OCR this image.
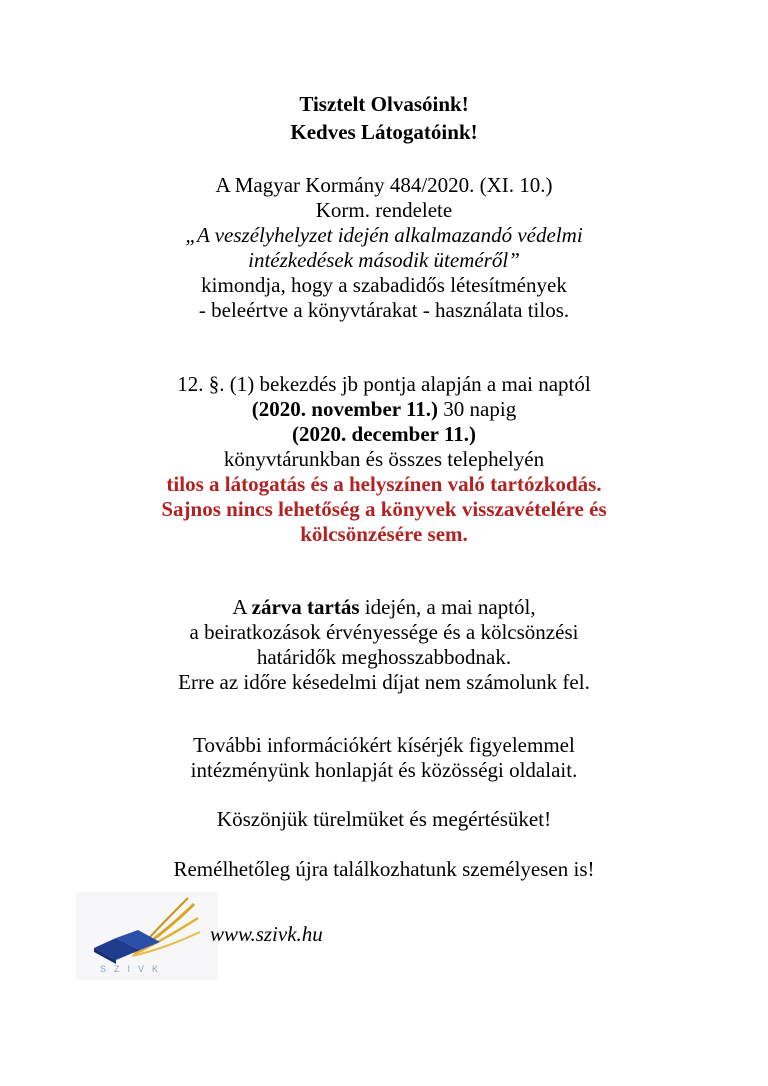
Tisztelt Olvasóink!
Kedves Látogatóink!
A Magyar Kormány 484/2020. (XI. 10.)
Korm. rendelete
„A veszélyhelyzet idején alkalmazandó védelmi
intézkedések második üteméről”
kimondja, hogy a szabadidős létesítmények
- beleértve a könyvtárakat - használata tilos.
12. §. (1) bekezdés jb pontja alapján a mai naptól
(2020. november 11.) 30 napig
(2020. december 11.)
könyvtárunkban és összes telephelyén
tilos a látogatás és a helyszínen való tartózkodás.
Sajnos nincs lehetőség a könyvek visszavételére és
kölcsönzésére sem.
A zárva tartás idején, a mai naptól,
a beiratkozások érvényessége és a kölcsönzési
határidők meghosszabbodnak.
Erre az időre késedelmi díjat nem számolunk fel.
További információkért kísérjék figyelemmel
intézményünk honlapját és közösségi oldalait.
Köszönjük türelmüket és megértésüket!
Remélhetőleg újra találkozhatunk személyesen is!
SZIVK
www.szivk.hu
